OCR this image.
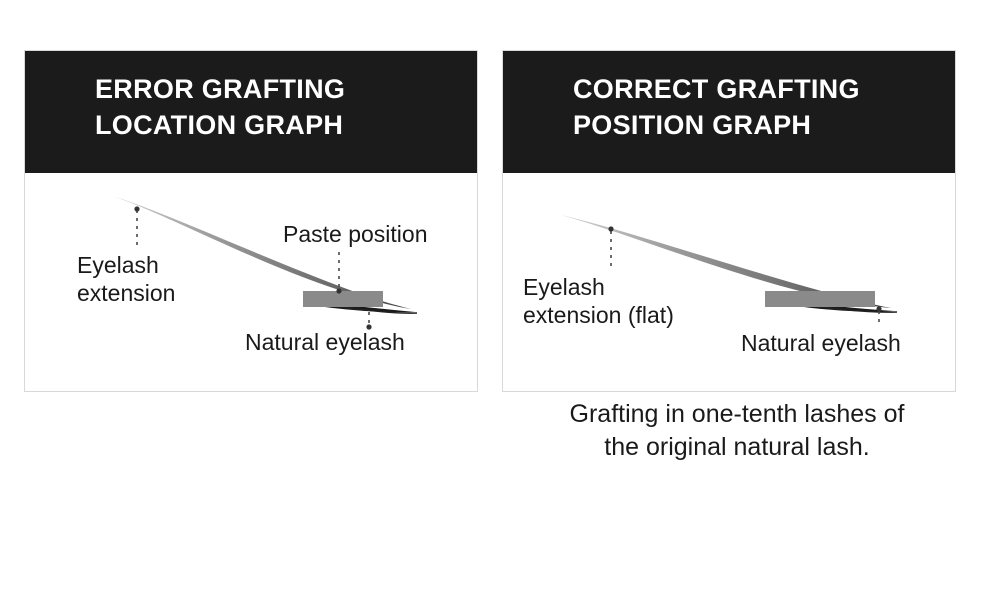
ERROR GRAFTING
LOCATION GRAPH
Eyelash
extension
Paste position
Natural eyelash
CORRECT GRAFTING
POSITION GRAPH
Eyelash
extension (flat)
Natural eyelash
Grafting in one-tenth lashes of
the original natural lash.
